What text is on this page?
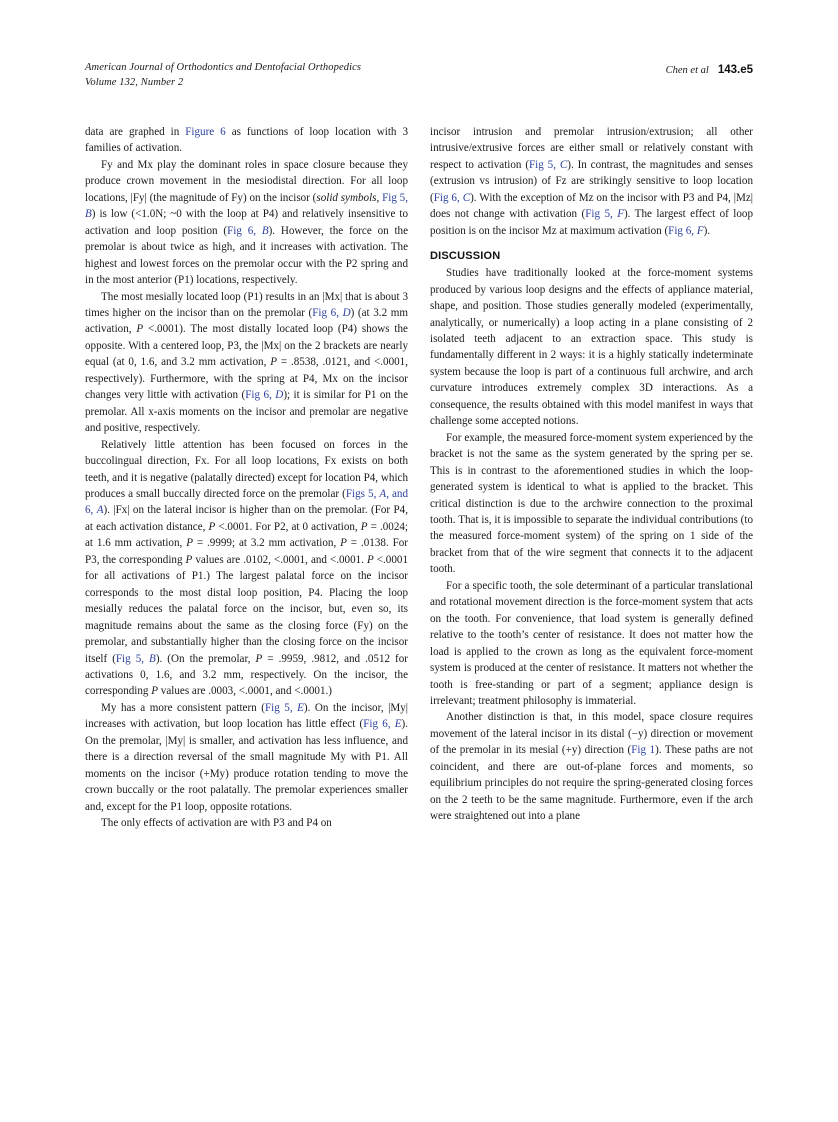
American Journal of Orthodontics and Dentofacial Orthopedics
Volume 132, Number 2
Chen et al 143.e5

data are graphed in Figure 6 as functions of loop location with 3 families of activation.

Fy and Mx play the dominant roles in space closure because they produce crown movement in the mesiodistal direction. For all loop locations, |Fy| (the magnitude of Fy) on the incisor (solid symbols, Fig 5, B) is low (<1.0N; ~0 with the loop at P4) and relatively insensitive to activation and loop position (Fig 6, B). However, the force on the premolar is about twice as high, and it increases with activation. The highest and lowest forces on the premolar occur with the P2 spring and in the most anterior (P1) locations, respectively.

The most mesially located loop (P1) results in an |Mx| that is about 3 times higher on the incisor than on the premolar (Fig 6, D) (at 3.2 mm activation, P <.0001). The most distally located loop (P4) shows the opposite. With a centered loop, P3, the |Mx| on the 2 brackets are nearly equal (at 0, 1.6, and 3.2 mm activation, P = .8538, .0121, and <.0001, respectively). Furthermore, with the spring at P4, Mx on the incisor changes very little with activation (Fig 6, D); it is similar for P1 on the premolar. All x-axis moments on the incisor and premolar are negative and positive, respectively.

Relatively little attention has been focused on forces in the buccolingual direction, Fx. For all loop locations, Fx exists on both teeth, and it is negative (palatally directed) except for location P4, which produces a small buccally directed force on the premolar (Figs 5, A, and 6, A). |Fx| on the lateral incisor is higher than on the premolar. (For P4, at each activation distance, P <.0001. For P2, at 0 activation, P = .0024; at 1.6 mm activation, P = .9999; at 3.2 mm activation, P = .0138. For P3, the corresponding P values are .0102, <.0001, and <.0001. P <.0001 for all activations of P1.) The largest palatal force on the incisor corresponds to the most distal loop position, P4. Placing the loop mesially reduces the palatal force on the incisor, but, even so, its magnitude remains about the same as the closing force (Fy) on the premolar, and substantially higher than the closing force on the incisor itself (Fig 5, B). (On the premolar, P = .9959, .9812, and .0512 for activations 0, 1.6, and 3.2 mm, respectively. On the incisor, the corresponding P values are .0003, <.0001, and <.0001.)

My has a more consistent pattern (Fig 5, E). On the incisor, |My| increases with activation, but loop location has little effect (Fig 6, E). On the premolar, |My| is smaller, and activation has less influence, and there is a direction reversal of the small magnitude My with P1. All moments on the incisor (+My) produce rotation tending to move the crown buccally or the root palatally. The premolar experiences smaller and, except for the P1 loop, opposite rotations.

The only effects of activation are with P3 and P4 on

incisor intrusion and premolar intrusion/extrusion; all other intrusive/extrusive forces are either small or relatively constant with respect to activation (Fig 5, C). In contrast, the magnitudes and senses (extrusion vs intrusion) of Fz are strikingly sensitive to loop location (Fig 6, C). With the exception of Mz on the incisor with P3 and P4, |Mz| does not change with activation (Fig 5, F). The largest effect of loop position is on the incisor Mz at maximum activation (Fig 6, F).

DISCUSSION

Studies have traditionally looked at the force-moment systems produced by various loop designs and the effects of appliance material, shape, and position. Those studies generally modeled (experimentally, analytically, or numerically) a loop acting in a plane consisting of 2 isolated teeth adjacent to an extraction space. This study is fundamentally different in 2 ways: it is a highly statically indeterminate system because the loop is part of a continuous full archwire, and arch curvature introduces extremely complex 3D interactions. As a consequence, the results obtained with this model manifest in ways that challenge some accepted notions.

For example, the measured force-moment system experienced by the bracket is not the same as the system generated by the spring per se. This is in contrast to the aforementioned studies in which the loop-generated system is identical to what is applied to the bracket. This critical distinction is due to the archwire connection to the proximal tooth. That is, it is impossible to separate the individual contributions (to the measured force-moment system) of the spring on 1 side of the bracket from that of the wire segment that connects it to the adjacent tooth.

For a specific tooth, the sole determinant of a particular translational and rotational movement direction is the force-moment system that acts on the tooth. For convenience, that load system is generally defined relative to the tooth’s center of resistance. It does not matter how the load is applied to the crown as long as the equivalent force-moment system is produced at the center of resistance. It matters not whether the tooth is free-standing or part of a segment; appliance design is irrelevant; treatment philosophy is immaterial.

Another distinction is that, in this model, space closure requires movement of the lateral incisor in its distal (−y) direction or movement of the premolar in its mesial (+y) direction (Fig 1). These paths are not coincident, and there are out-of-plane forces and moments, so equilibrium principles do not require the spring-generated closing forces on the 2 teeth to be the same magnitude. Furthermore, even if the arch were straightened out into a plane
